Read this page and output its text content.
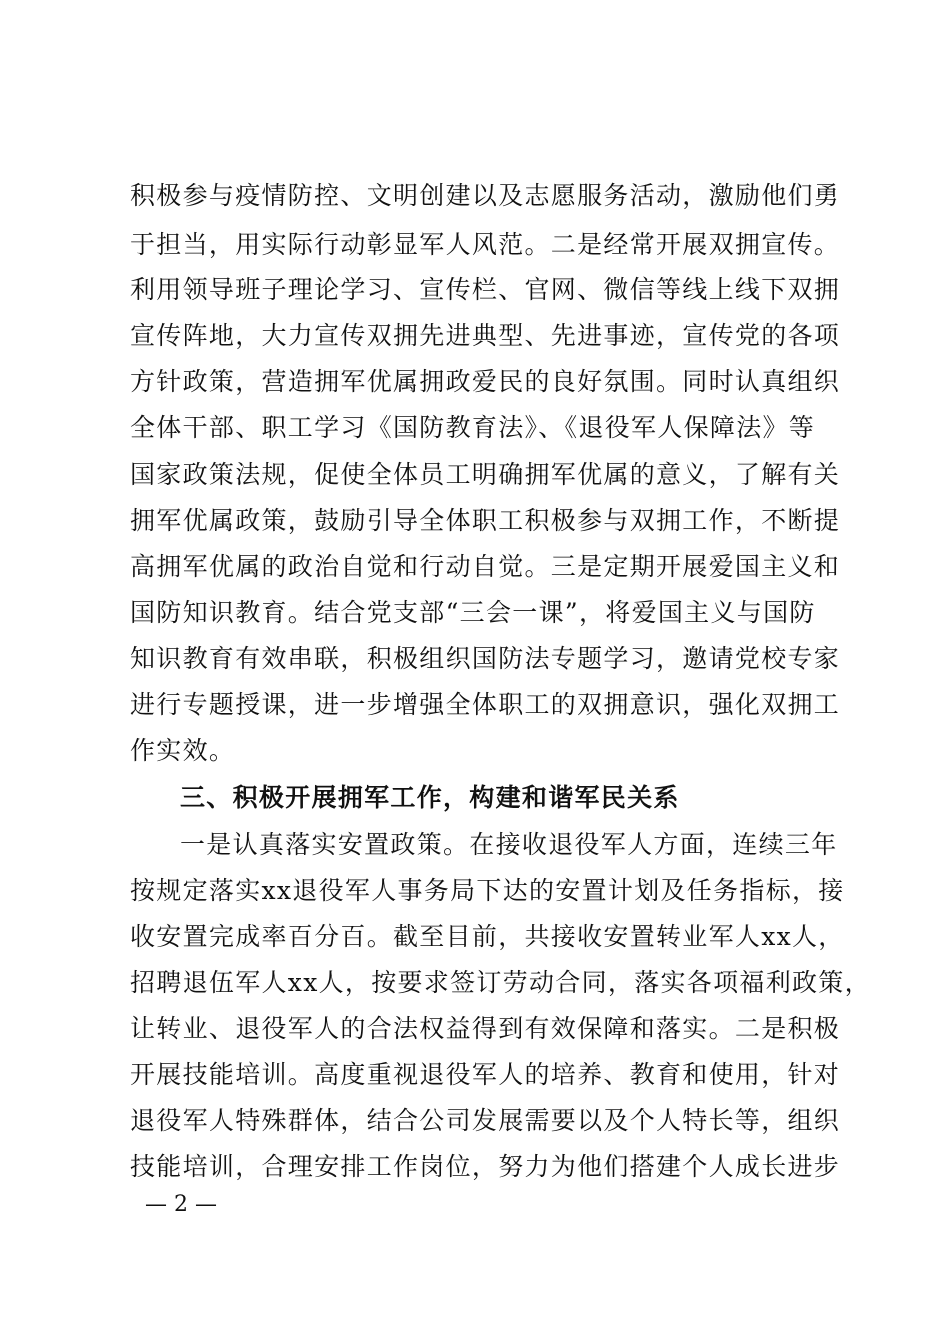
积极参与疫情防控、文明创建以及志愿服务活动，激励他们勇
于担当，用实际行动彰显军人风范。二是经常开展双拥宣传。
利用领导班子理论学习、宣传栏、官网、微信等线上线下双拥
宣传阵地，大力宣传双拥先进典型、先进事迹，宣传党的各项
方针政策，营造拥军优属拥政爱民的良好氛围。同时认真组织
全体干部、职工学习《国防教育法》、《退役军人保障法》等
国家政策法规，促使全体员工明确拥军优属的意义，了解有关
拥军优属政策，鼓励引导全体职工积极参与双拥工作，不断提
高拥军优属的政治自觉和行动自觉。三是定期开展爱国主义和
国防知识教育。结合党支部“三会一课”，将爱国主义与国防
知识教育有效串联，积极组织国防法专题学习，邀请党校专家
进行专题授课，进一步增强全体职工的双拥意识，强化双拥工
作实效。
三、积极开展拥军工作，构建和谐军民关系
一是认真落实安置政策。在接收退役军人方面，连续三年
按规定落实xx退役军人事务局下达的安置计划及任务指标，接
收安置完成率百分百。截至目前，共接收安置转业军人xx人，
招聘退伍军人xx人，按要求签订劳动合同，落实各项福利政策，
让转业、退役军人的合法权益得到有效保障和落实。二是积极
开展技能培训。高度重视退役军人的培养、教育和使用，针对
退役军人特殊群体，结合公司发展需要以及个人特长等，组织
技能培训，合理安排工作岗位，努力为他们搭建个人成长进步
— 2 —
